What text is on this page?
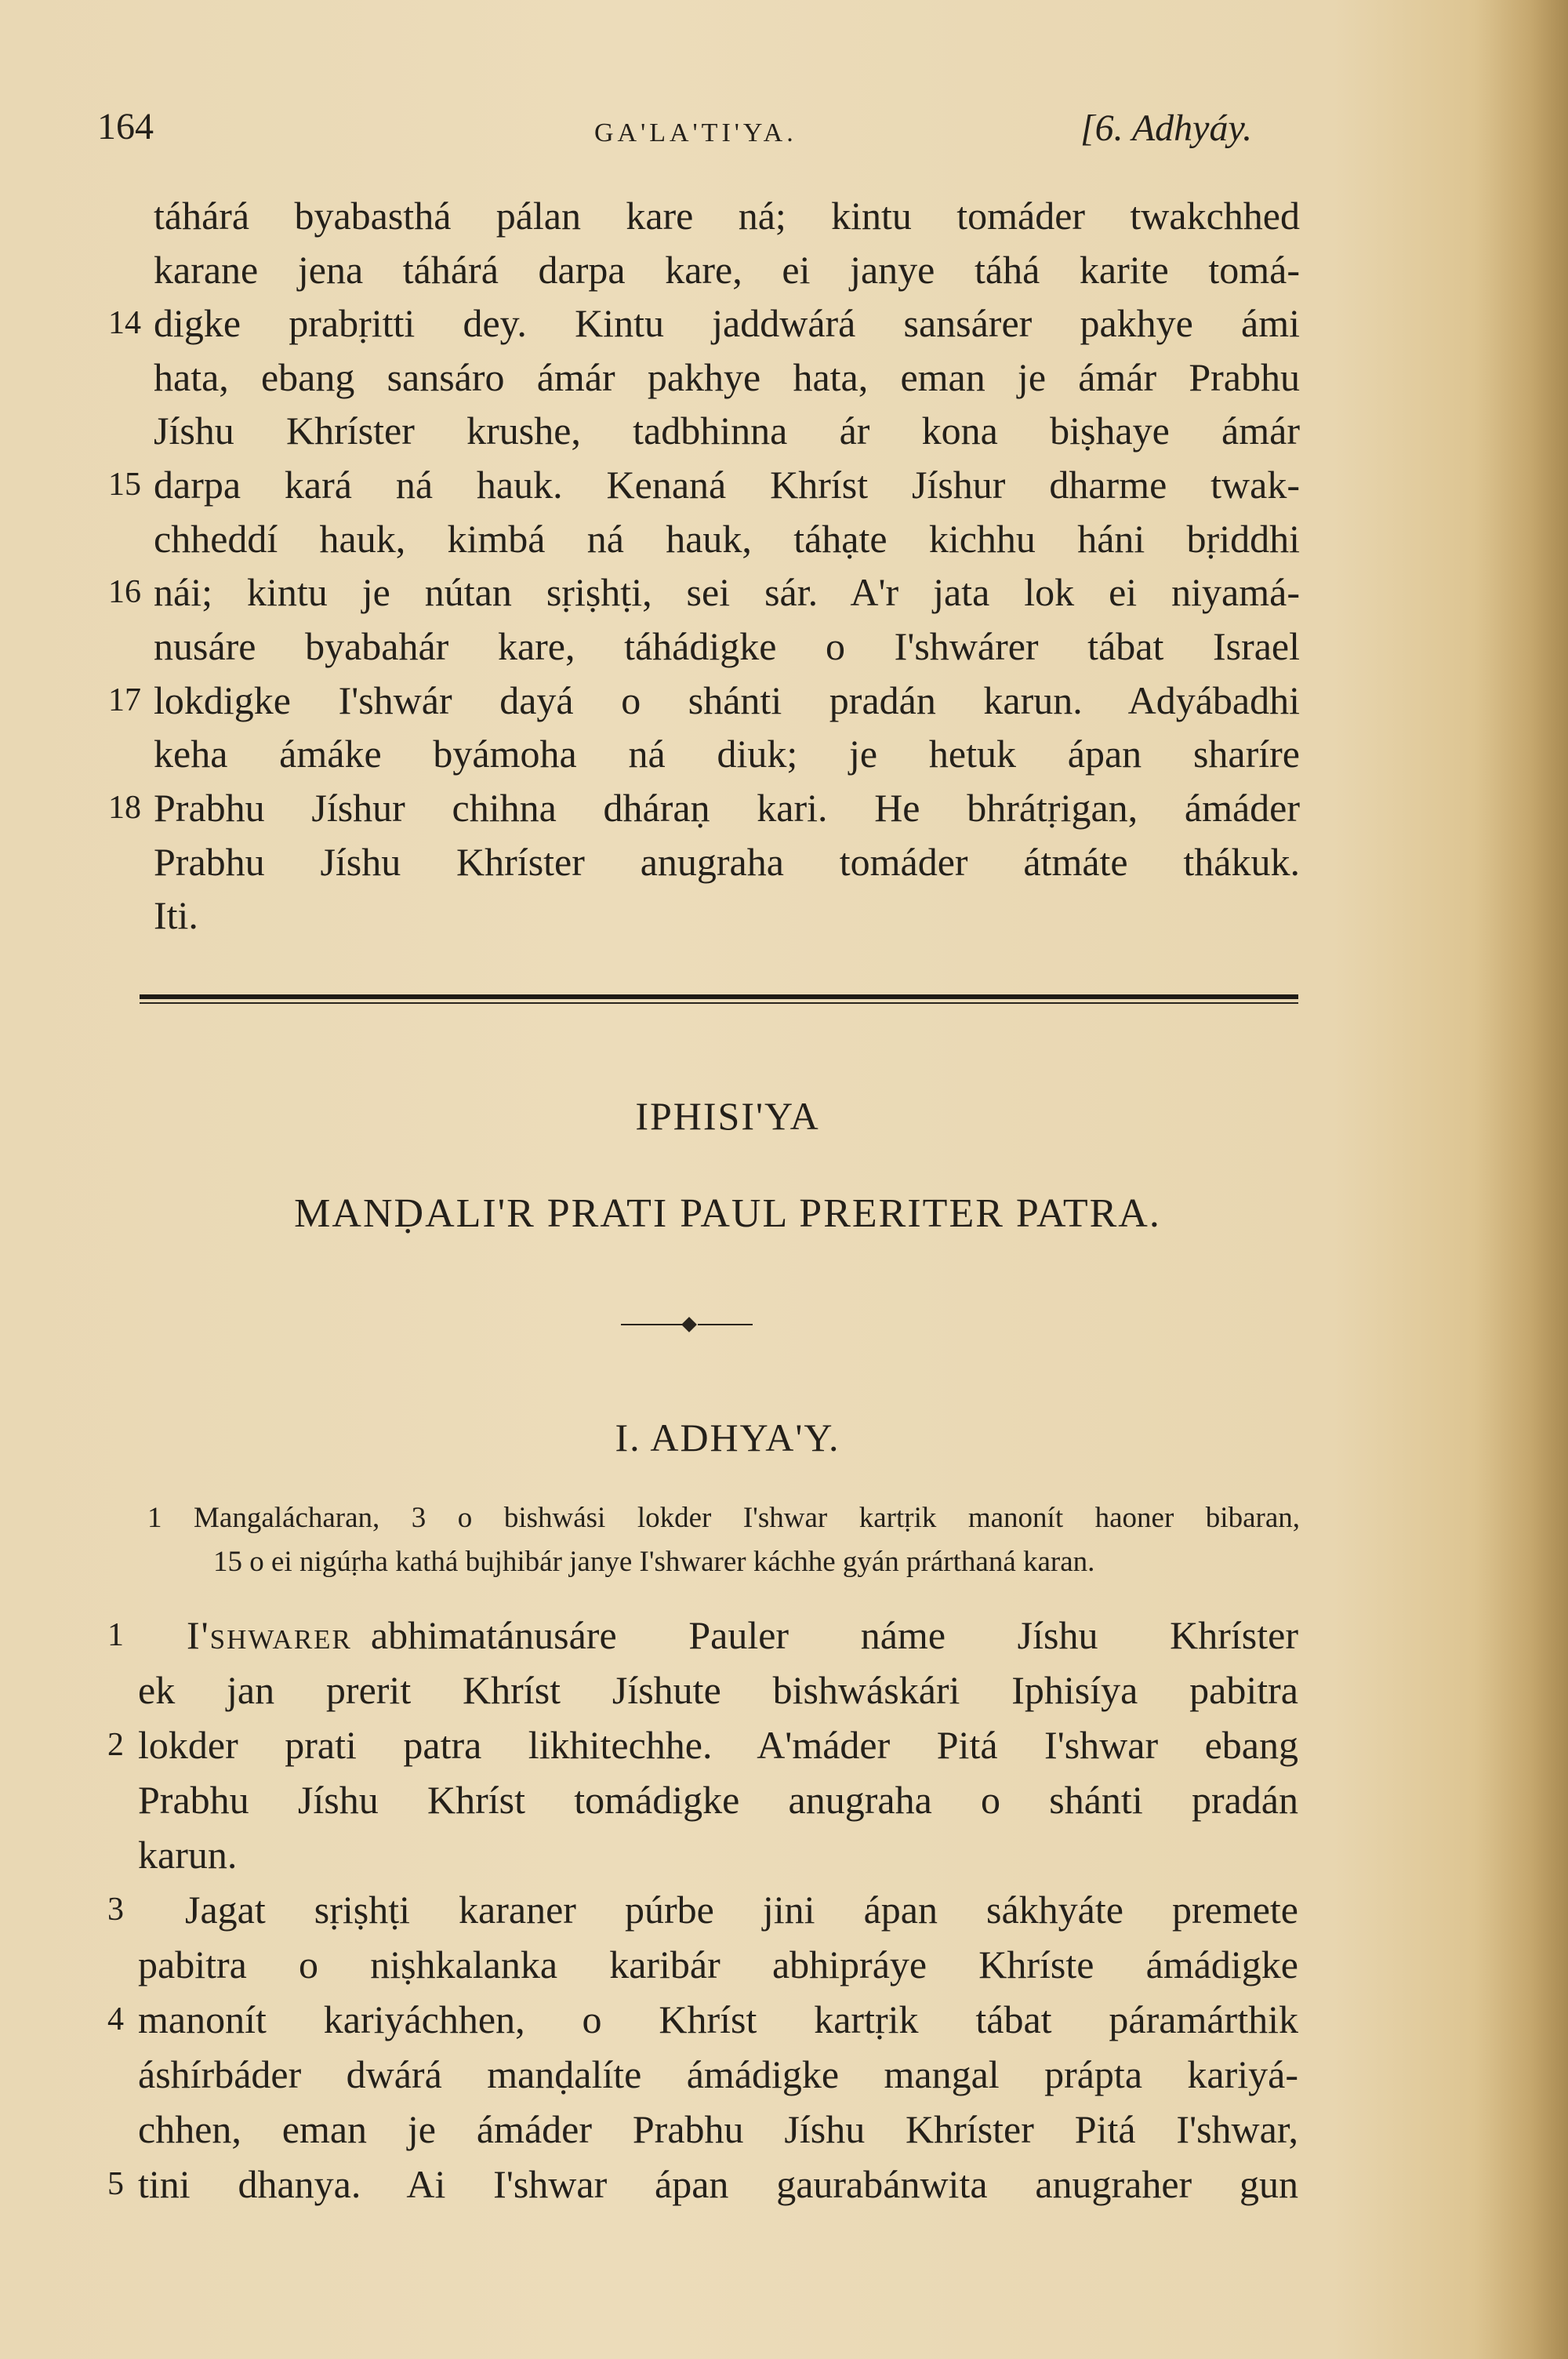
164	GA'LA'TI'YA.	[6. Adhyáy.
14
15
16
17
18
táhárá byabasthá pálan kare ná; kintu tomáder twakchhed
karane jena táhárá darpa kare, ei janye táhá karite tomá-
digke prabṛitti dey. Kintu jaddwárá sansárer pakhye ámi
hata, ebang sansáro ámár pakhye hata, eman je ámár Prabhu
Jíshu Khríster krushe, tadbhinna ár kona biṣhaye ámár
darpa kará ná hauk. Kenaná Khríst Jíshur dharme twak-
chheddí hauk, kimbá ná hauk, táhạte kichhu háni bṛiddhi
nái; kintu je nútan sṛiṣhṭi, sei sár. A'r jata lok ei niyamá-
nusáre byabahár kare, táhádigke o I'shwárer tábat Israel
lokdigke I'shwár dayá o shánti pradán karun. Adyábadhi
keha ámáke byámoha ná diuk; je hetuk ápan sharíre
Prabhu Jíshur chihna dháraṇ kari. He bhrátṛigan, ámáder
Prabhu Jíshu Khríster anugraha tomáder átmáte thákuk.
Iti.
IPHISI'YA
MANḌALI'R PRATI PAUL PRERITER PATRA.
I. ADHYA'Y.
1 Mangalácharan, 3 o bishwási lokder I'shwar kartṛik manonít haoner bibaran,
15 o ei nigúṛha kathá bujhibár janye I'shwarer káchhe gyán prárthaná karan.
1
2
3
4
5
I'shwarer abhimatánusáre Pauler náme Jíshu Khríster
ek jan prerit Khríst Jíshute bishwáskári Iphisíya pabitra
lokder prati patra likhitechhe. A'máder Pitá I'shwar ebang
Prabhu Jíshu Khríst tomádigke anugraha o shánti pradán
karun.
Jagat sṛiṣhṭi karaner púrbe jini ápan sákhyáte premete
pabitra o niṣhkalanka karibár abhipráye Khríste ámádigke
manonít kariyáchhen, o Khríst kartṛik tábat páramárthik
áshírbáder dwárá manḍalíte ámádigke mangal prápta kariyá-
chhen, eman je ámáder Prabhu Jíshu Khríster Pitá I'shwar,
tini dhanya. Ai I'shwar ápan gaurabánwita anugraher gun
